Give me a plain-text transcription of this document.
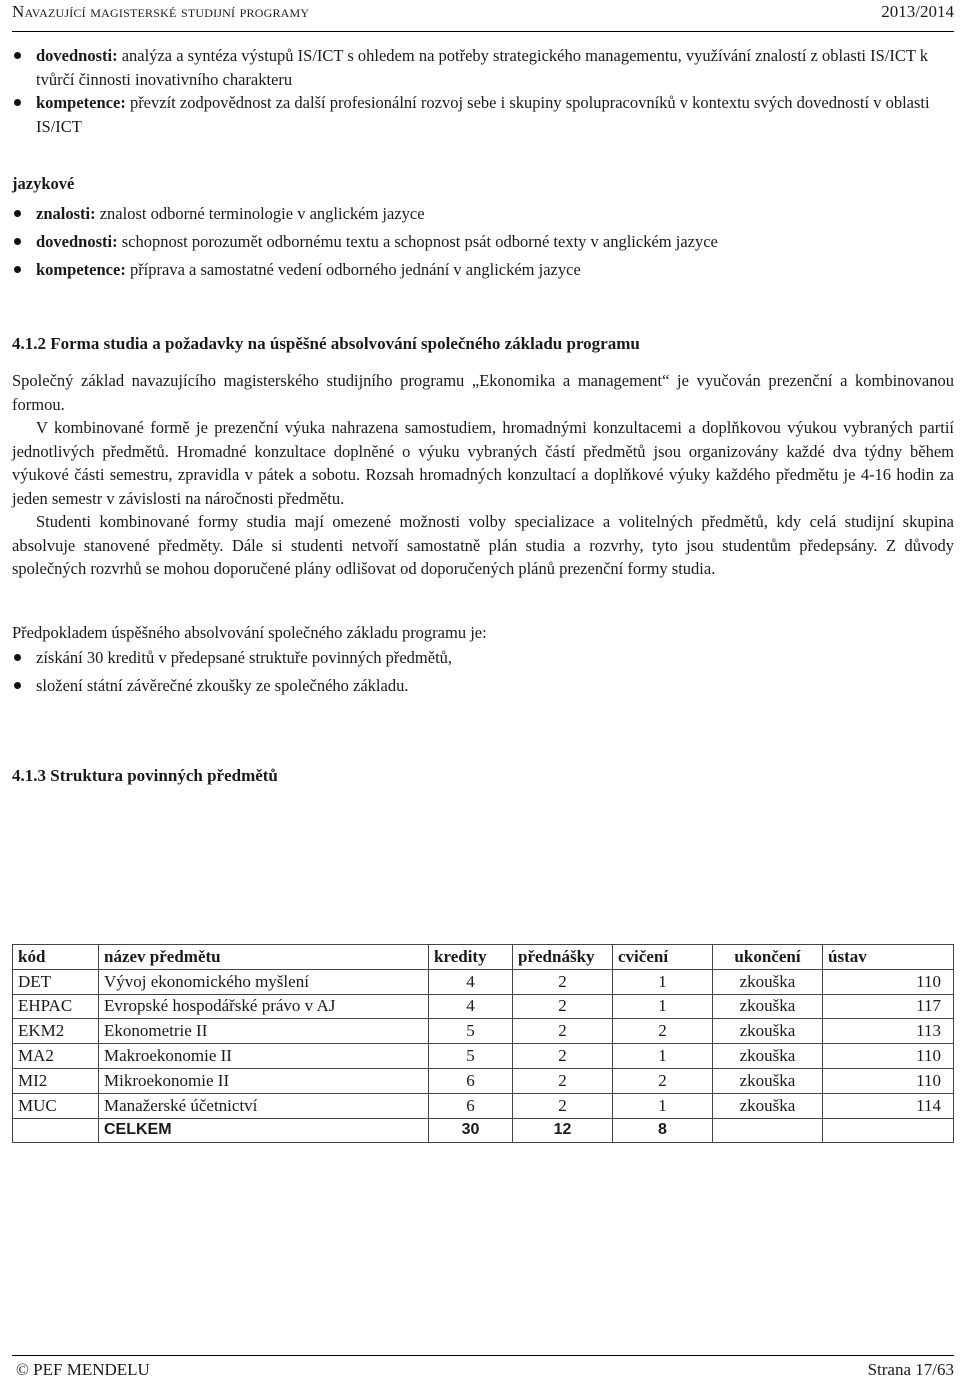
Navazující magisterské studijní programy	2013/2014
dovednosti: analýza a syntéza výstupů IS/ICT s ohledem na potřeby strategického managementu, využívání znalostí z oblasti IS/ICT k tvůrčí činnosti inovativního charakteru
kompetence: převzít zodpovědnost za další profesionální rozvoj sebe i skupiny spolupracovníků v kontextu svých dovedností v oblasti IS/ICT
jazykové
znalosti: znalost odborné terminologie v anglickém jazyce
dovednosti: schopnost porozumět odbornému textu a schopnost psát odborné texty v anglickém jazyce
kompetence: příprava a samostatné vedení odborného jednání v anglickém jazyce
4.1.2 Forma studia a požadavky na úspěšné absolvování společného základu programu

Společný základ navazujícího magisterského studijního programu „Ekonomika a management“ je vyučován prezenční a kombinovanou formou.

V kombinované formě je prezenční výuka nahrazena samostudiem, hromadnými konzultacemi a doplňkovou výukou vybraných partií jednotlivých předmětů. Hromadné konzultace doplněné o výuku vybraných částí předmětů jsou organizovány každé dva týdny během výukové části semestru, zpravidla v pátek a sobotu. Rozsah hromadných konzultací a doplňkové výuky každého předmětu je 4-16 hodin za jeden semestr v závislosti na náročnosti předmětu.

Studenti kombinované formy studia mají omezené možnosti volby specializace a volitelných předmětů, kdy celá studijní skupina absolvuje stanovené předměty. Dále si studenti netvoří samostatně plán studia a rozvrhy, tyto jsou studentům předepsány. Z důvody společných rozvrhů se mohou doporučené plány odlišovat od doporučených plánů prezenční formy studia.

Předpokladem úspěšného absolvování společného základu programu je:

získání 30 kreditů v předepsané struktuře povinných předmětů,
složení státní závěrečné zkoušky ze společného základu.
4.1.3 Struktura povinných předmětů
kód	název předmětu	kredity	přednášky	cvičení	ukončení	ústav
DET	Vývoj ekonomického myšlení	4	2	1	zkouška	110
EHPAC	Evropské hospodářské právo v AJ	4	2	1	zkouška	117
EKM2	Ekonometrie II	5	2	2	zkouška	113
MA2	Makroekonomie II	5	2	1	zkouška	110
MI2	Mikroekonomie II	6	2	2	zkouška	110
MUC	Manažerské účetnictví	6	2	1	zkouška	114
	CELKEM	30	12	8		
© PEF MENDELU	Strana 17/63
